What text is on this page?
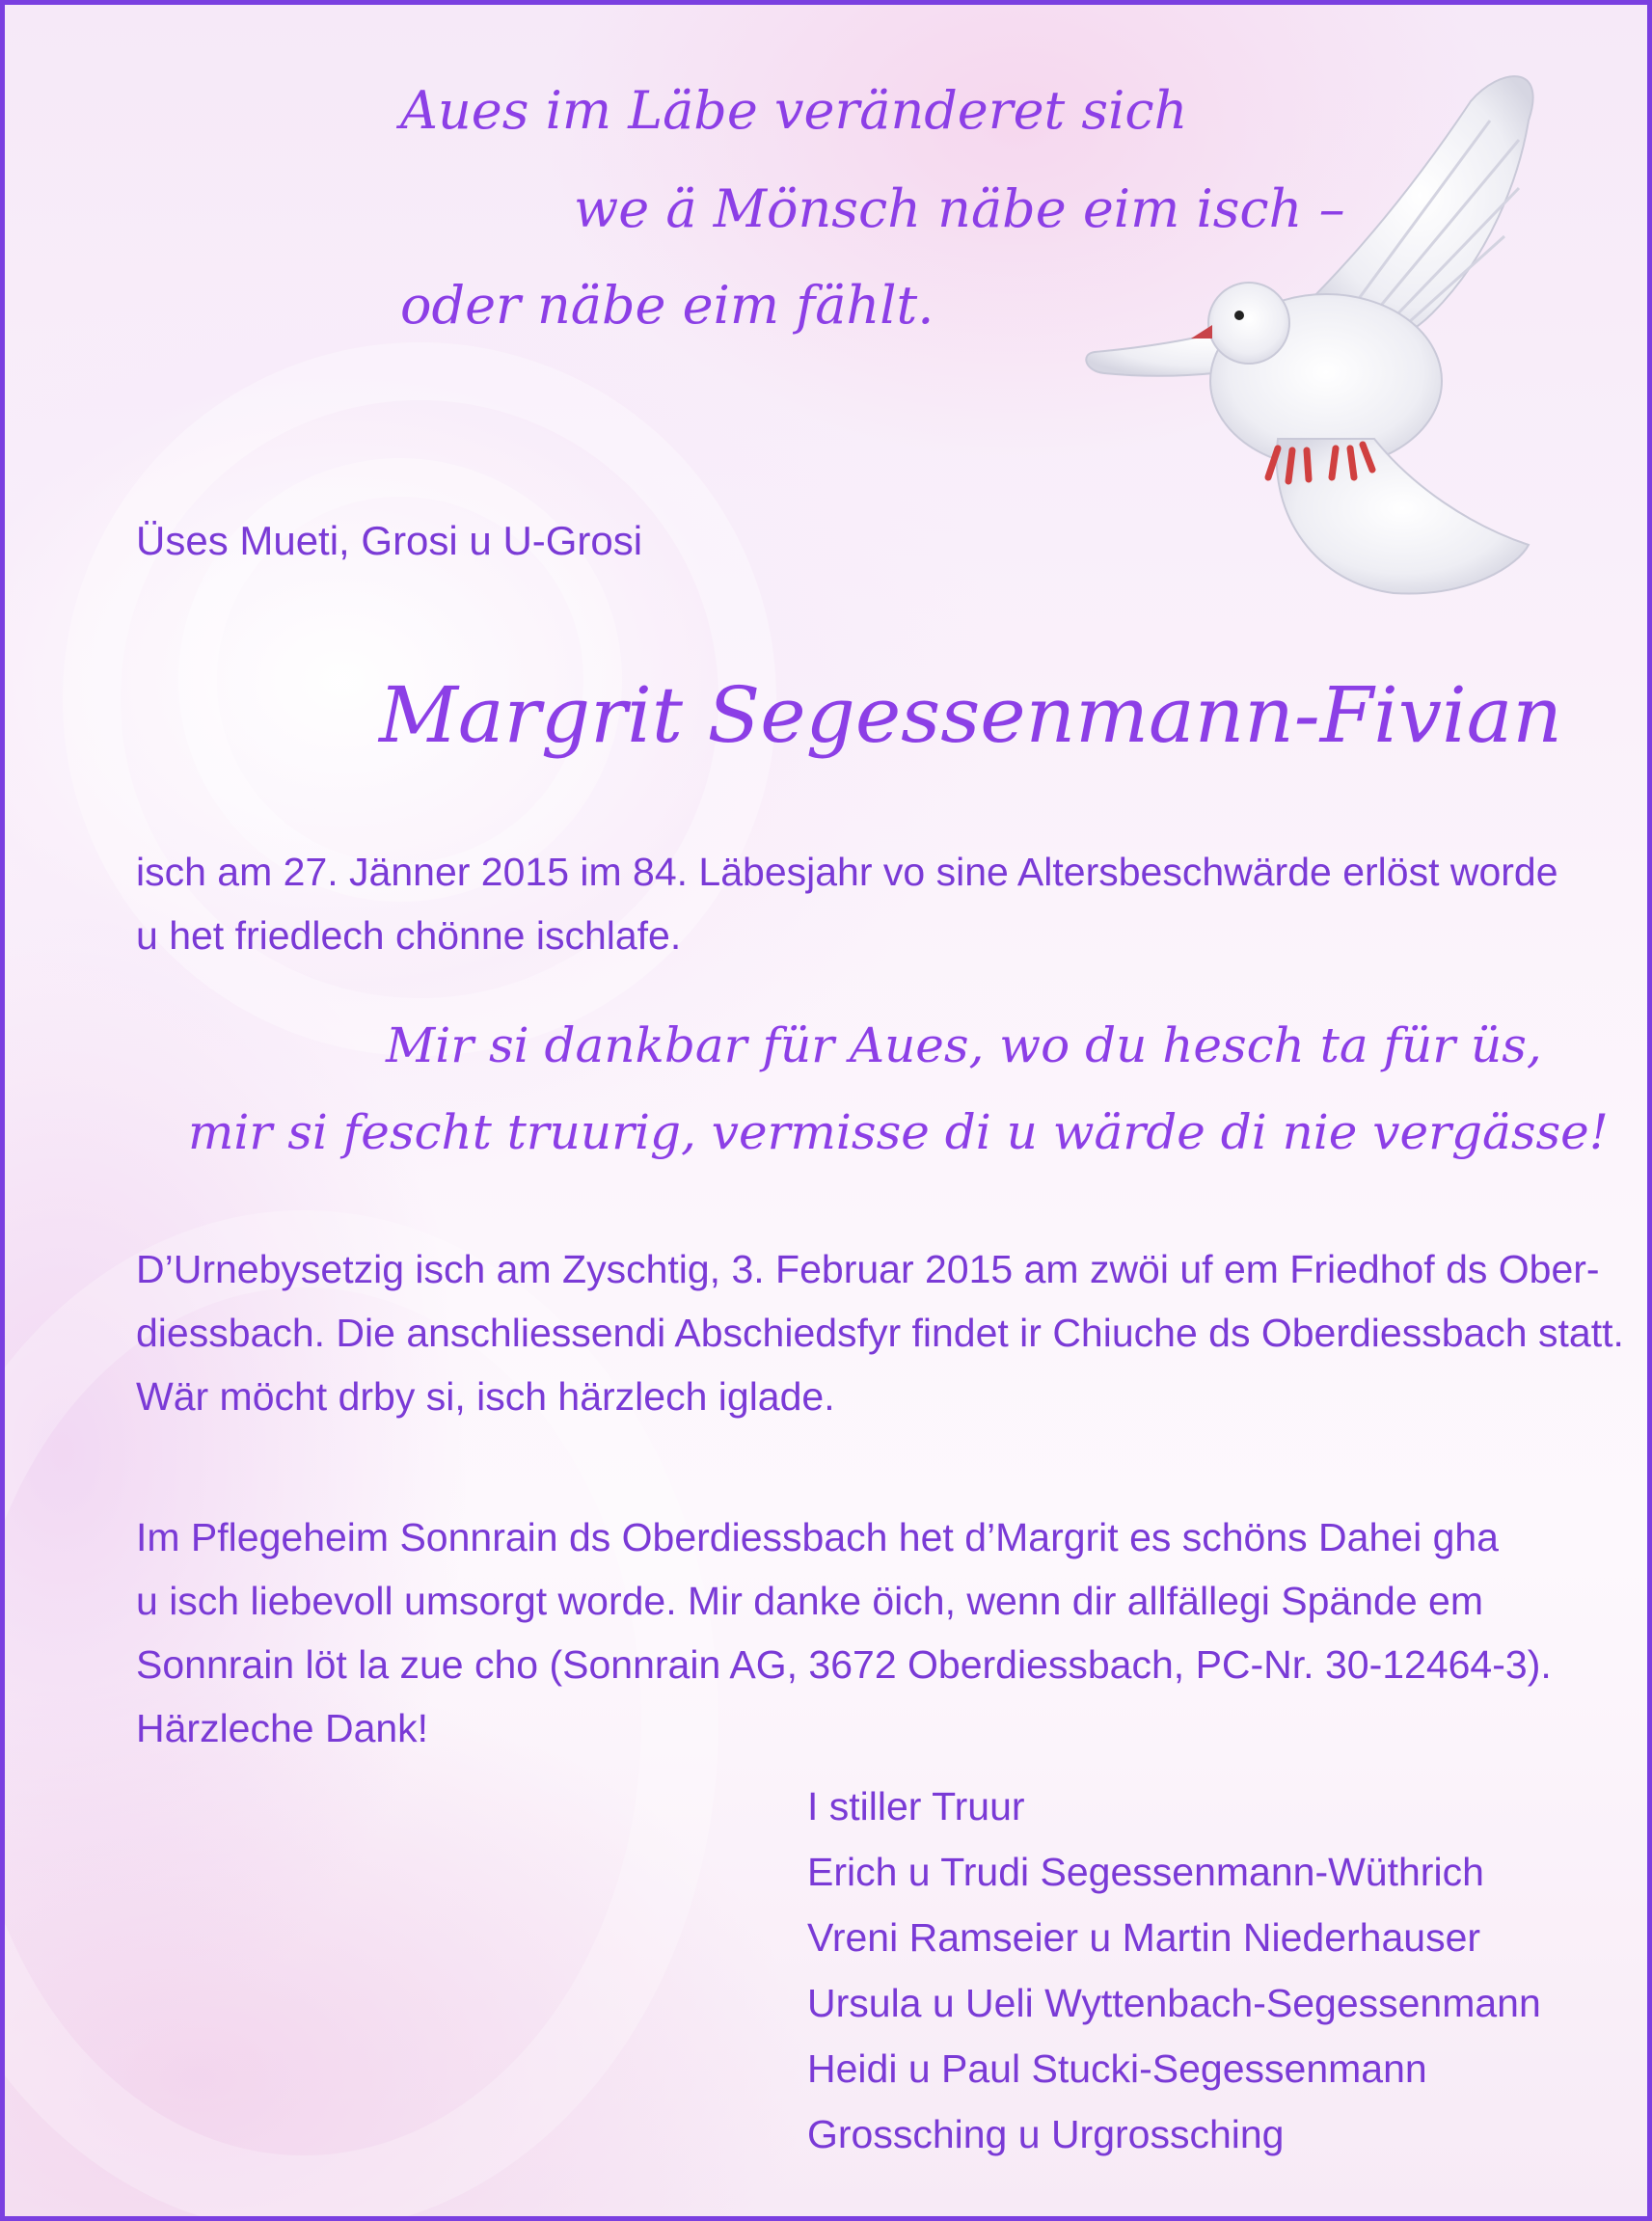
Aues im Läbe veränderet sich
we ä Mönsch näbe eim isch –
oder näbe eim fählt.
Üses Mueti, Grosi u U-Grosi
Margrit Segessenmann-Fivian
isch am 27. Jänner 2015 im 84. Läbesjahr vo sine Altersbeschwärde erlöst worde
u het friedlech chönne ischlafe.
Mir si dankbar für Aues, wo du hesch ta für üs,
mir si fescht truurig, vermisse di u wärde di nie vergässe!
D’Urnebysetzig isch am Zyschtig, 3. Februar 2015 am zwöi uf em Friedhof ds Ober-
diessbach. Die anschliessendi Abschiedsfyr findet ir Chiuche ds Oberdiessbach statt.
Wär möcht drby si, isch härzlech iglade.
Im Pflegeheim Sonnrain ds Oberdiessbach het d’Margrit es schöns Dahei gha
u isch liebevoll umsorgt worde. Mir danke öich, wenn dir allfällegi Spände em
Sonnrain löt la zue cho (Sonnrain AG, 3672 Oberdiessbach, PC-Nr. 30-12464-3).
Härzleche Dank!
I stiller Truur
Erich u Trudi Segessenmann-Wüthrich
Vreni Ramseier u Martin Niederhauser
Ursula u Ueli Wyttenbach-Segessenmann
Heidi u Paul Stucki-Segessenmann
Grossching u Urgrossching
